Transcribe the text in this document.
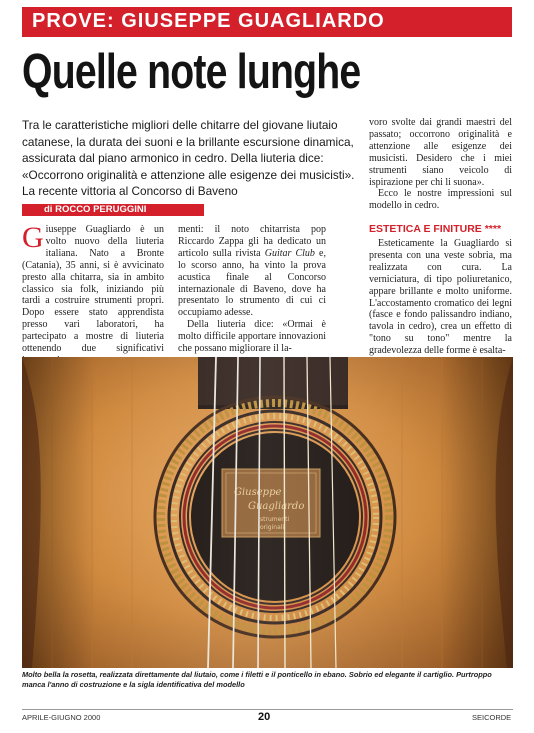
PROVE: GIUSEPPE GUAGLIARDO
Quelle note lunghe
Tra le caratteristiche migliori delle chitarre del giovane liutaio catanese, la durata dei suoni e la brillante escursione dinamica, assicurata dal piano armonico in cedro. Della liuteria dice: «Occorrono originalità e attenzione alle esigenze dei musicisti». La recente vittoria al Concorso di Baveno

voro svolte dai grandi maestri del passato; occorrono originalità e attenzione alle esigenze dei musicisti. Desidero che i miei strumenti siano veicolo di ispirazione per chi li suona».

Ecco le nostre impressioni sul modello in cedro.

di ROCCO PERUGGINI
Giuseppe Guagliardo è un volto nuovo della liuteria italiana. Nato a Bronte (Catania), 35 anni, si è avvicinato presto alla chitarra, sia in ambito classico sia folk, iniziando più tardi a costruire strumenti propri. Dopo essere stato apprendista presso vari laboratori, ha partecipato a mostre di liuteria ottenendo due significativi

menti: il noto chitarrista pop Riccardo Zappa gli ha dedicato un articolo sulla rivista Guitar Club e, lo scorso anno, ha vinto la prova acustica finale al Concorso internazionale di Baveno, dove ha presentato lo strumento di cui ci occupiamo adesse.

Della liuteria dice: «Ormai è molto difficile apportare innovazioni che possano migliorare il la-

ESTETICA E FINITURE ****

Esteticamente la Guagliardo si presenta con una veste sobria, ma realizzata con cura. La verniciatura, di tipo poliuretanico, appare brillante e molto uniforme. L'accostamento cromatico dei legni (fasce e fondo palissandro indiano, tavola in cedro), crea un effetto di "tono su tono" mentre la gradevolezza delle forme è esalta-

Molto bella la rosetta, realizzata direttamente dal liutaio, come i filetti e il ponticello in ebano. Sobrio ed elegante il cartiglio. Purtroppo manca l'anno di costruzione e la sigla identificativa del modello
APRILE-GIUGNO 2000	20	SEICORDE
